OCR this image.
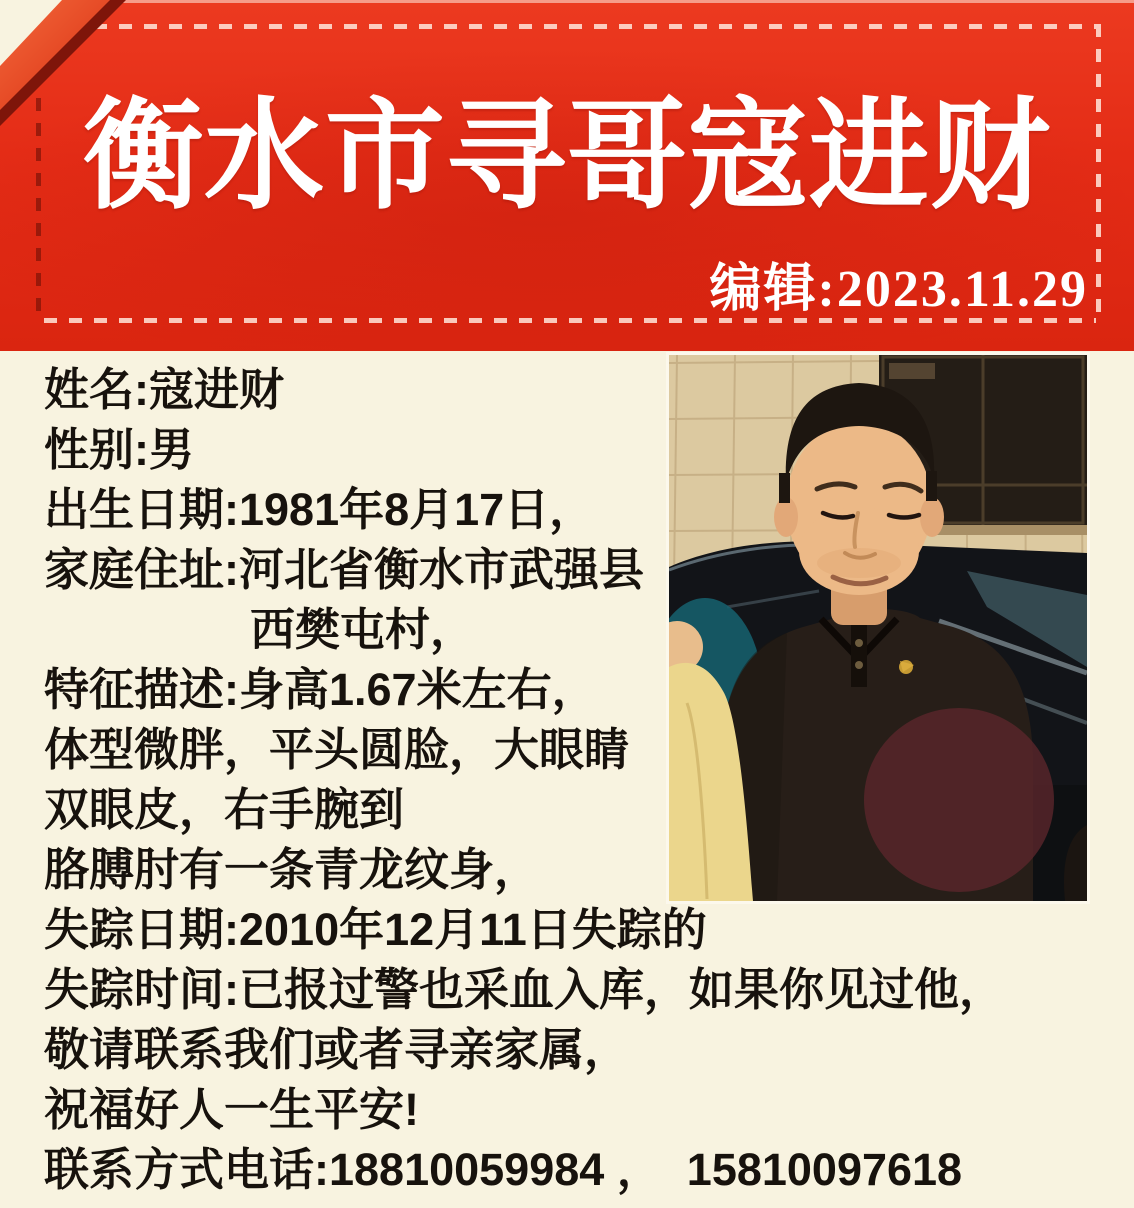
衡水市寻哥寇进财
编辑:2023.11.29
姓名:寇进财
性别:男
出生日期:1981年8月17日，
家庭住址:河北省衡水市武强县
西樊屯村，
特征描述:身高1.67米左右，
体型微胖，平头圆脸，大眼睛
双眼皮，右手腕到
胳膊肘有一条青龙纹身，
失踪日期:2010年12月11日失踪的
失踪时间:已报过警也采血入库，如果你见过他，
敬请联系我们或者寻亲家属，
祝福好人一生平安!
联系方式电话:18810059984 ，  15810097618
